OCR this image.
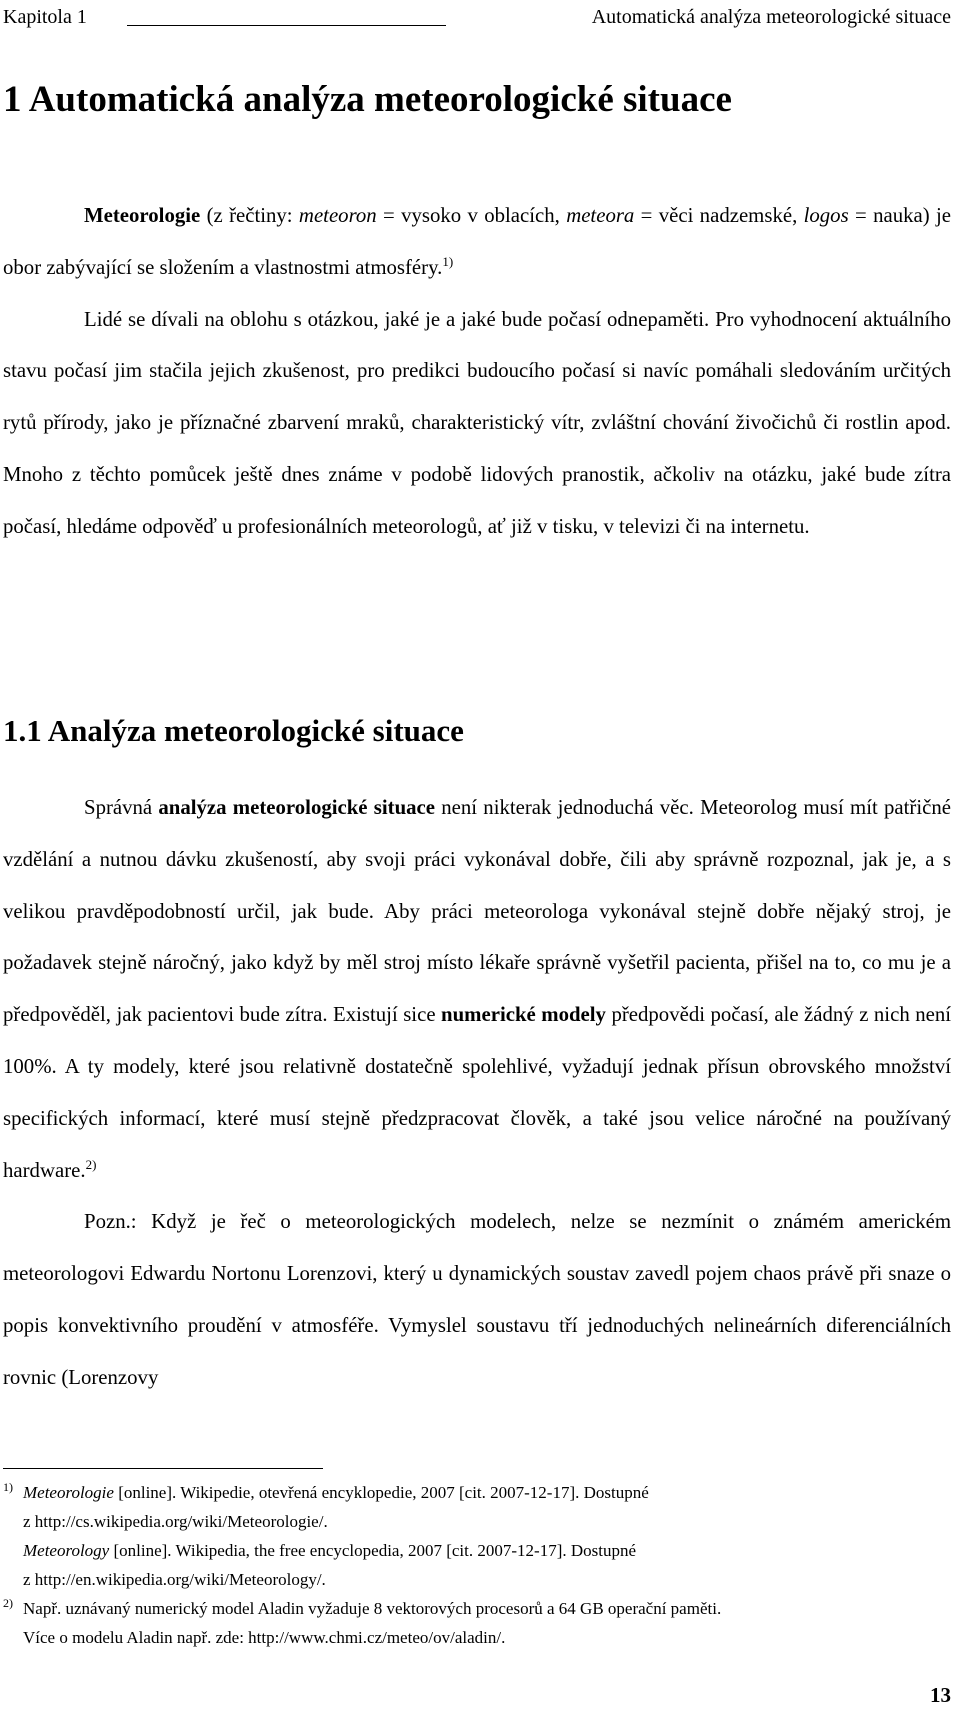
Kapitola 1	Automatická analýza meteorologické situace
1 Automatická analýza meteorologické situace

Meteorologie (z řečtiny: meteoron = vysoko v oblacích, meteora = věci nadzemské, logos = nauka) je obor zabývající se složením a vlastnostmi atmosféry.$^{1)}$

Lidé se dívali na oblohu s otázkou, jaké je a jaké bude počasí odnepaměti. Pro vyhodnocení aktuálního stavu počasí jim stačila jejich zkušenost, pro predikci budoucího počasí si navíc pomáhali sledováním určitých rytů přírody, jako je příznačné zbarvení mraků, charakteristický vítr, zvláštní chování živočichů či rostlin apod. Mnoho z těchto pomůcek ještě dnes známe v podobě lidových pranostik, ačkoliv na otázku, jaké bude zítra počasí, hledáme odpověď u profesionálních meteorologů, ať již v tisku, v televizi či na internetu.

1.1 Analýza meteorologické situace

Správná analýza meteorologické situace není nikterak jednoduchá věc. Meteorolog musí mít patřičné vzdělání a nutnou dávku zkušeností, aby svoji práci vykonával dobře, čili aby správně rozpoznal, jak je, a s velikou pravděpodobností určil, jak bude. Aby práci meteorologa vykonával stejně dobře nějaký stroj, je požadavek stejně náročný, jako když by měl stroj místo lékaře správně vyšetřil pacienta, přišel na to, co mu je a předpověděl, jak pacientovi bude zítra. Existují sice numerické modely předpovědi počasí, ale žádný z nich není 100%. A ty modely, které jsou relativně dostatečně spolehlivé, vyžadují jednak přísun obrovského množství specifických informací, které musí stejně předzpracovat člověk, a také jsou velice náročné na používaný hardware.$^{2)}$

Pozn.: Když je řeč o meteorologických modelech, nelze se nezmínit o známém americkém meteorologovi Edwardu Nortonu Lorenzovi, který u dynamických soustav zavedl pojem chaos právě při snaze o popis konvektivního proudění v atmosféře. Vymyslel soustavu tří jednoduchých nelineárních diferenciálních rovnic (Lorenzovy

1) Meteorologie [online]. Wikipedie, otevřená encyklopedie, 2007 [cit. 2007-12-17]. Dostupné
z http://cs.wikipedia.org/wiki/Meteorologie/.
Meteorology [online]. Wikipedia, the free encyclopedia, 2007 [cit. 2007-12-17]. Dostupné
z http://en.wikipedia.org/wiki/Meteorology/.
2) Např. uznávaný numerický model Aladin vyžaduje 8 vektorových procesorů a 64 GB operační paměti.
Více o modelu Aladin např. zde: http://www.chmi.cz/meteo/ov/aladin/.
13
